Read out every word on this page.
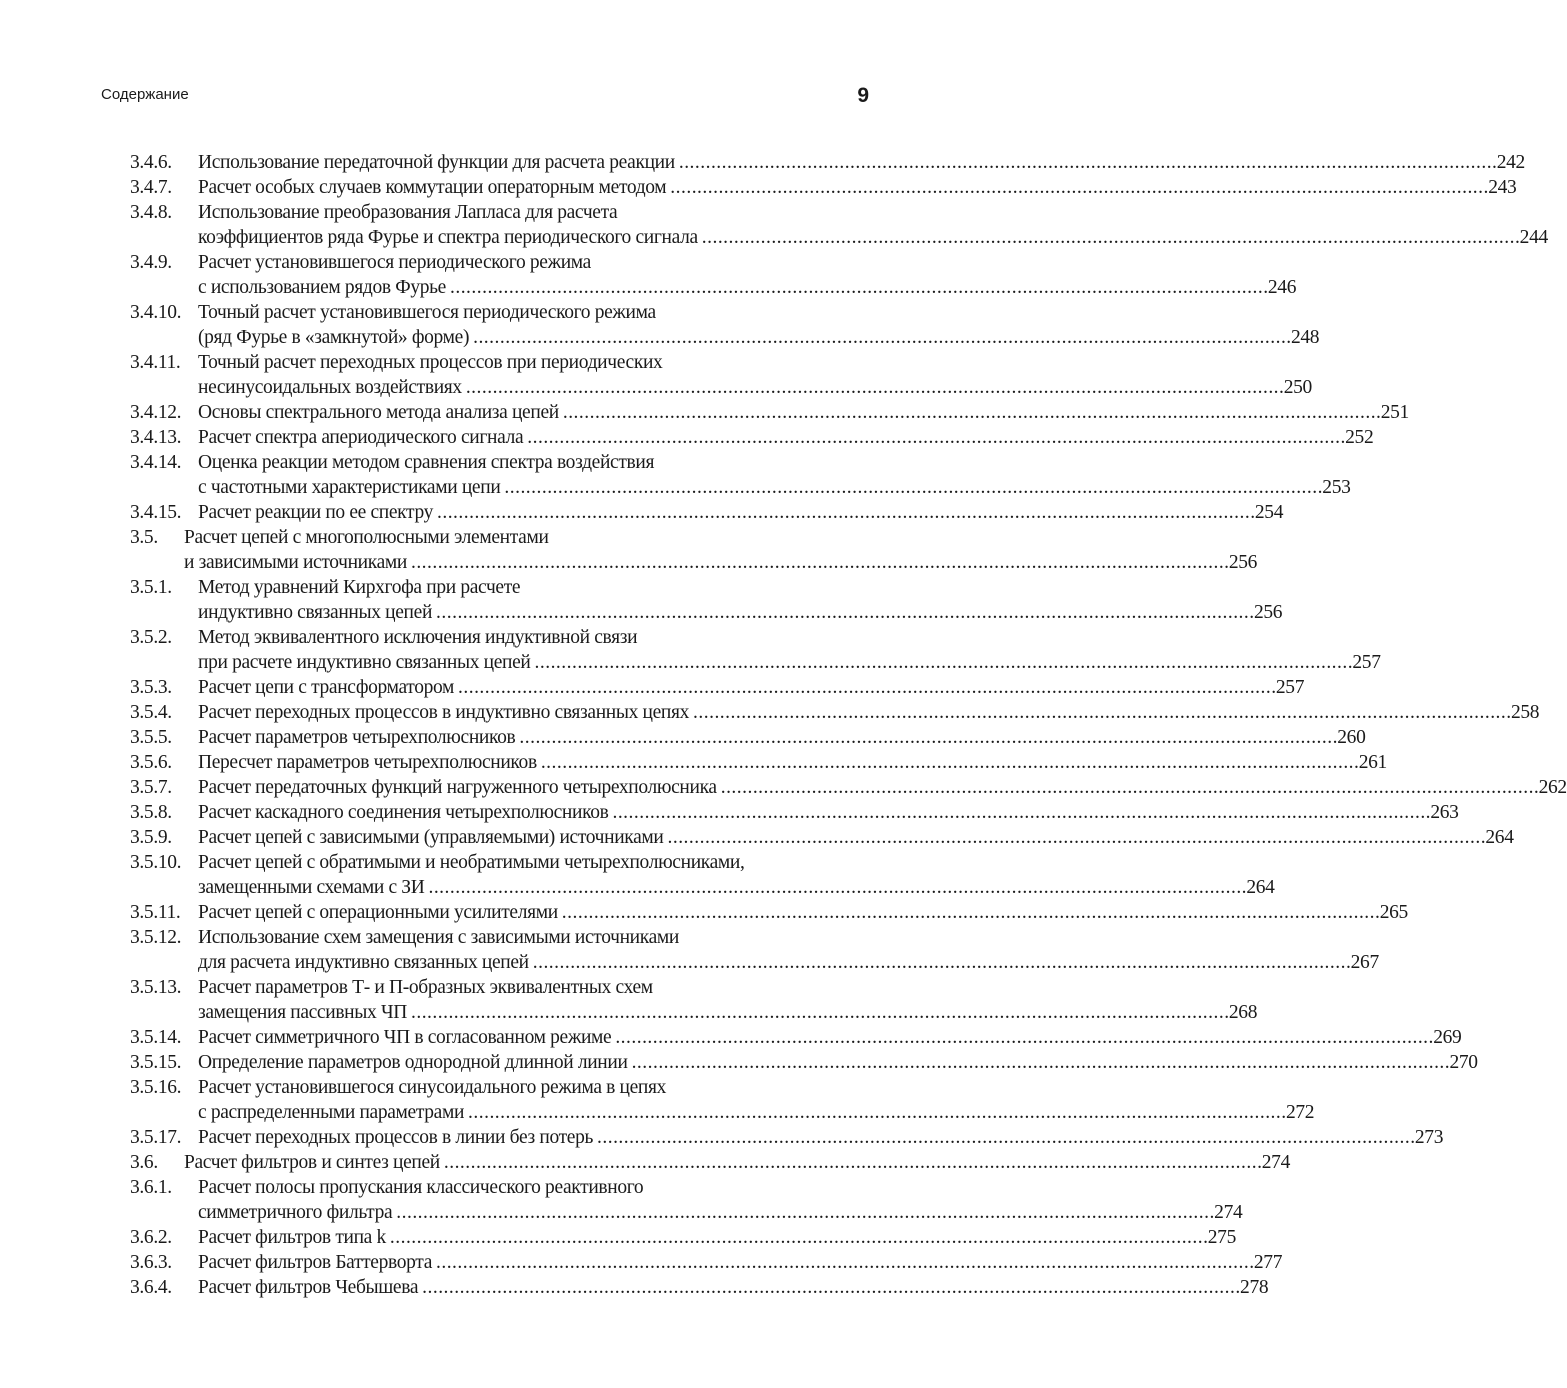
Содержание	9
3.4.6.	Использование передаточной функции для расчета реакции . . .	242
3.4.7.	Расчет особых случаев коммутации операторным методом . . .	243
3.4.8.	Использование преобразования Лапласа для расчета
коэффициентов ряда Фурье и спектра периодического сигнала . . .	244
3.4.9.	Расчет установившегося периодического режима
с использованием рядов Фурье . . .	246
3.4.10. Точный расчет установившегося периодического режима
(ряд Фурье в «замкнутой» форме) . . .	248
3.4.11. Точный расчет переходных процессов при периодических
несинусоидальных воздействиях . . .	250
3.4.12. Основы спектрального метода анализа цепей . . .	251
3.4.13. Расчет спектра апериодического сигнала . . .	252
3.4.14. Оценка реакции методом сравнения спектра воздействия
с частотными характеристиками цепи . . .	253
3.4.15. Расчет реакции по ее спектру . . .	254
3.5.	Расчет цепей с многополюсными элементами
и зависимыми источниками . . .	256
3.5.1.	Метод уравнений Кирхгофа при расчете
индуктивно связанных цепей . . .	256
3.5.2.	Метод эквивалентного исключения индуктивной связи
при расчете индуктивно связанных цепей . . .	257
3.5.3.	Расчет цепи с трансформатором . . .	257
3.5.4.	Расчет переходных процессов в индуктивно связанных цепях . . .	258
3.5.5.	Расчет параметров четырехполюсников . . .	260
3.5.6.	Пересчет параметров четырехполюсников . . .	261
3.5.7.	Расчет передаточных функций нагруженного четырехполюсника . . .	262
3.5.8.	Расчет каскадного соединения четырехполюсников . . .	263
3.5.9.	Расчет цепей с зависимыми (управляемыми) источниками . . .	264
3.5.10. Расчет цепей с обратимыми и необратимыми четырехполюсниками,
замещенными схемами с ЗИ . . .	264
3.5.11. Расчет цепей с операционными усилителями . . .	265
3.5.12. Использование схем замещения с зависимыми источниками
для расчета индуктивно связанных цепей . . .	267
3.5.13. Расчет параметров Т- и П-образных эквивалентных схем
замещения пассивных ЧП . . .	268
3.5.14. Расчет симметричного ЧП в согласованном режиме . . .	269
3.5.15. Определение параметров однородной длинной линии . . .	270
3.5.16. Расчет установившегося синусоидального режима в цепях
с распределенными параметрами . . .	272
3.5.17. Расчет переходных процессов в линии без потерь . . .	273
3.6.	Расчет фильтров и синтез цепей . . .	274
3.6.1.	Расчет полосы пропускания классического реактивного
симметричного фильтра . . .	274
3.6.2.	Расчет фильтров типа k . . .	275
3.6.3.	Расчет фильтров Баттерворта . . .	277
3.6.4.	Расчет фильтров Чебышева . . .	278
